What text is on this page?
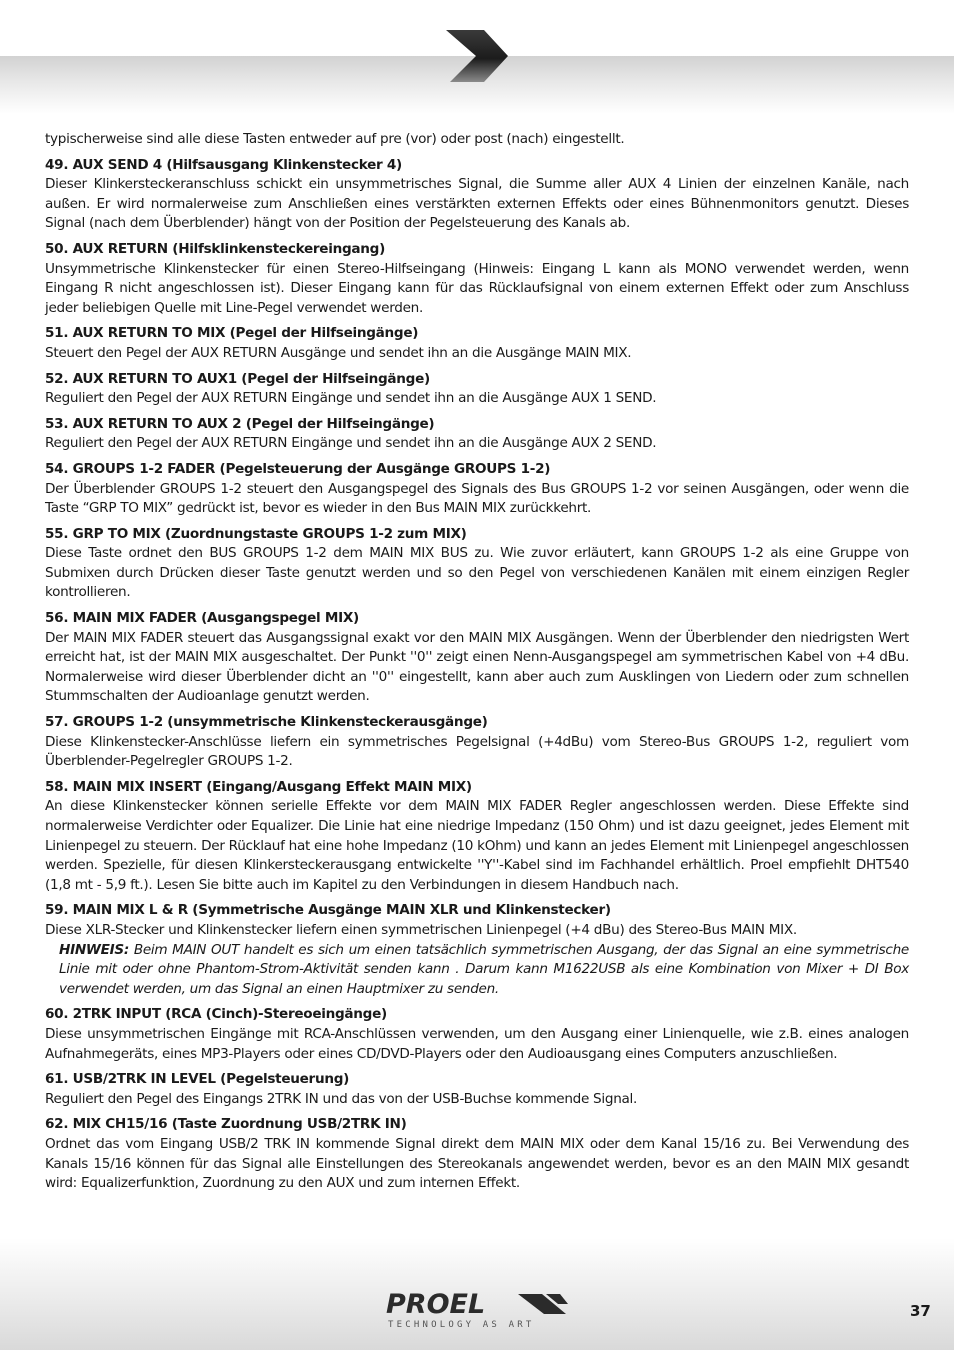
typischerweise sind alle diese Tasten entweder auf pre (vor) oder post (nach) eingestellt.

49. AUX SEND 4 (Hilfsausgang Klinkenstecker 4)

Dieser Klinkersteckeranschluss schickt ein unsymmetrisches Signal, die Summe aller AUX 4 Linien der einzelnen Kanäle, nach außen. Er wird normalerweise zum Anschließen eines verstärkten externen Effekts oder eines Bühnenmonitors genutzt. Dieses Signal (nach dem Überblender) hängt von der Position der Pegelsteuerung des Kanals ab.

50. AUX RETURN (Hilfsklinkensteckereingang)

Unsymmetrische Klinkenstecker für einen Stereo-Hilfseingang (Hinweis: Eingang L kann als MONO verwendet werden, wenn Eingang R nicht angeschlossen ist). Dieser Eingang kann für das Rücklaufsignal von einem externen Effekt oder zum Anschluss jeder beliebigen Quelle mit Line-Pegel verwendet werden.

51. AUX RETURN TO MIX (Pegel der Hilfseingänge)

Steuert den Pegel der AUX RETURN Ausgänge und sendet ihn an die Ausgänge MAIN MIX.

52. AUX RETURN TO AUX1 (Pegel der Hilfseingänge)

Reguliert den Pegel der AUX RETURN Eingänge und sendet ihn an die Ausgänge AUX 1 SEND.

53. AUX RETURN TO AUX 2 (Pegel der Hilfseingänge)

Reguliert den Pegel der AUX RETURN Eingänge und sendet ihn an die Ausgänge AUX 2 SEND.

54. GROUPS 1-2 FADER (Pegelsteuerung der Ausgänge GROUPS 1-2)

Der Überblender GROUPS 1-2 steuert den Ausgangspegel des Signals des Bus GROUPS 1-2 vor seinen Ausgängen, oder wenn die Taste “GRP TO MIX” gedrückt ist, bevor es wieder in den Bus MAIN MIX zurückkehrt.

55. GRP TO MIX (Zuordnungstaste GROUPS 1-2 zum MIX)

Diese Taste ordnet den BUS GROUPS 1-2 dem MAIN MIX BUS zu. Wie zuvor erläutert, kann GROUPS 1-2 als eine Gruppe von Submixen durch Drücken dieser Taste genutzt werden und so den Pegel von verschiedenen Kanälen mit einem einzigen Regler kontrollieren.

56. MAIN MIX FADER (Ausgangspegel MIX)

Der MAIN MIX FADER steuert das Ausgangssignal exakt vor den MAIN MIX Ausgängen. Wenn der Überblender den niedrigsten Wert erreicht hat, ist der MAIN MIX ausgeschaltet. Der Punkt ''0'' zeigt einen Nenn-Ausgangspegel am symmetrischen Kabel von +4 dBu. Normalerweise wird dieser Überblender dicht an ''0'' eingestellt, kann aber auch zum Ausklingen von Liedern oder zum schnellen Stummschalten der Audioanlage genutzt werden.

57. GROUPS 1-2 (unsymmetrische Klinkensteckerausgänge)

Diese Klinkenstecker-Anschlüsse liefern ein symmetrisches Pegelsignal (+4dBu) vom Stereo-Bus GROUPS 1-2, reguliert vom Überblender-Pegelregler GROUPS 1-2.

58. MAIN MIX INSERT (Eingang/Ausgang Effekt MAIN MIX)

An diese Klinkenstecker können serielle Effekte vor dem MAIN MIX FADER Regler angeschlossen werden. Diese Effekte sind normalerweise Verdichter oder Equalizer. Die Linie hat eine niedrige Impedanz (150 Ohm) und ist dazu geeignet, jedes Element mit Linienpegel zu steuern. Der Rücklauf hat eine hohe Impedanz (10 kOhm) und kann an jedes Element mit Linienpegel angeschlossen werden. Spezielle, für diesen Klinkersteckerausgang entwickelte ''Y''-Kabel sind im Fachhandel erhältlich. Proel empfiehlt DHT540 (1,8 mt - 5,9 ft.). Lesen Sie bitte auch im Kapitel zu den Verbindungen in diesem Handbuch nach.

59. MAIN MIX L & R (Symmetrische Ausgänge MAIN XLR und Klinkenstecker)

Diese XLR-Stecker und Klinkenstecker liefern einen symmetrischen Linienpegel (+4 dBu) des Stereo-Bus MAIN MIX.

HINWEIS: Beim MAIN OUT handelt es sich um einen tatsächlich symmetrischen Ausgang, der das Signal an eine symmetrische Linie mit oder ohne Phantom-Strom-Aktivität senden kann . Darum kann M1622USB als eine Kombination von Mixer + DI Box verwendet werden, um das Signal an einen Hauptmixer zu senden.

60. 2TRK INPUT (RCA (Cinch)-Stereoeingänge)

Diese unsymmetrischen Eingänge mit RCA-Anschlüssen verwenden, um den Ausgang einer Linienquelle, wie z.B. eines analogen Aufnahmegeräts, eines MP3-Players oder eines CD/DVD-Players oder den Audioausgang eines Computers anzuschließen.

61. USB/2TRK IN LEVEL (Pegelsteuerung)

Reguliert den Pegel des Eingangs 2TRK IN und das von der USB-Buchse kommende Signal.

62. MIX CH15/16 (Taste Zuordnung USB/2TRK IN)

Ordnet das vom Eingang USB/2 TRK IN kommende Signal direkt dem MAIN MIX oder dem Kanal 15/16 zu. Bei Verwendung des Kanals 15/16 können für das Signal alle Einstellungen des Stereokanals angewendet werden, bevor es an den MAIN MIX gesandt wird: Equalizerfunktion, Zuordnung zu den AUX und zum internen Effekt.

PROEL
TECHNOLOGY AS ART
37
